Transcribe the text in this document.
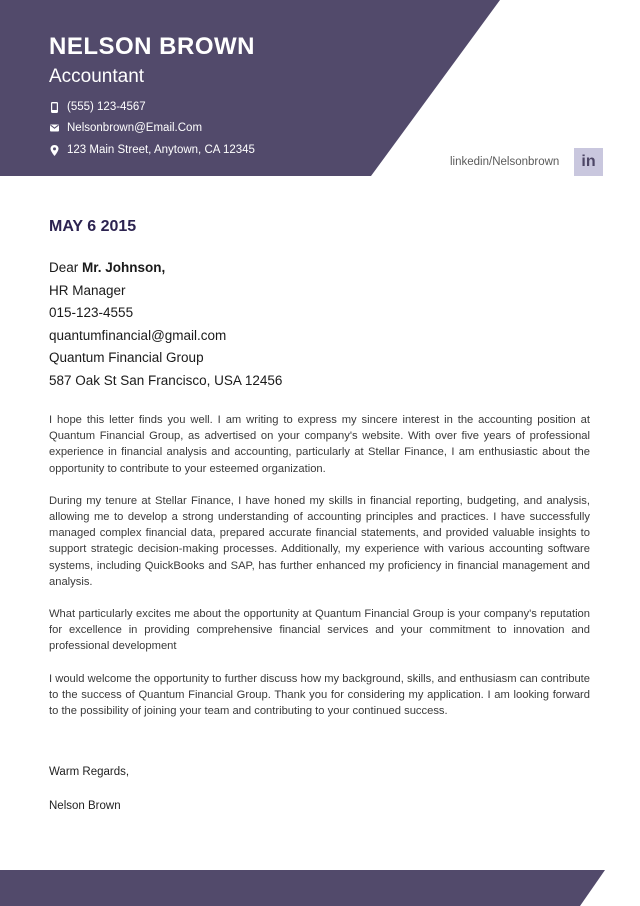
NELSON BROWN
Accountant
(555) 123-4567
Nelsonbrown@Email.Com
123 Main Street, Anytown, CA 12345
linkedin/Nelsonbrown	in
MAY 6 2015
Dear Mr. Johnson,
HR Manager
015-123-4555
quantumfinancial@gmail.com
Quantum Financial Group
587 Oak St San Francisco, USA 12456

I hope this letter finds you well. I am writing to express my sincere interest in the accounting position at Quantum Financial Group, as advertised on your company's website. With over five years of professional experience in financial analysis and accounting, particularly at Stellar Finance, I am enthusiastic about the opportunity to contribute to your esteemed organization.

During my tenure at Stellar Finance, I have honed my skills in financial reporting, budgeting, and analysis, allowing me to develop a strong understanding of accounting principles and practices. I have successfully managed complex financial data, prepared accurate financial statements, and provided valuable insights to support strategic decision-making processes. Additionally, my experience with various accounting software systems, including QuickBooks and SAP, has further enhanced my proficiency in financial management and analysis.

What particularly excites me about the opportunity at Quantum Financial Group is your company's reputation for excellence in providing comprehensive financial services and your commitment to innovation and professional development

I would welcome the opportunity to further discuss how my background, skills, and enthusiasm can contribute to the success of Quantum Financial Group. Thank you for considering my application. I am looking forward to the possibility of joining your team and contributing to your continued success.

Warm Regards,
Nelson Brown
